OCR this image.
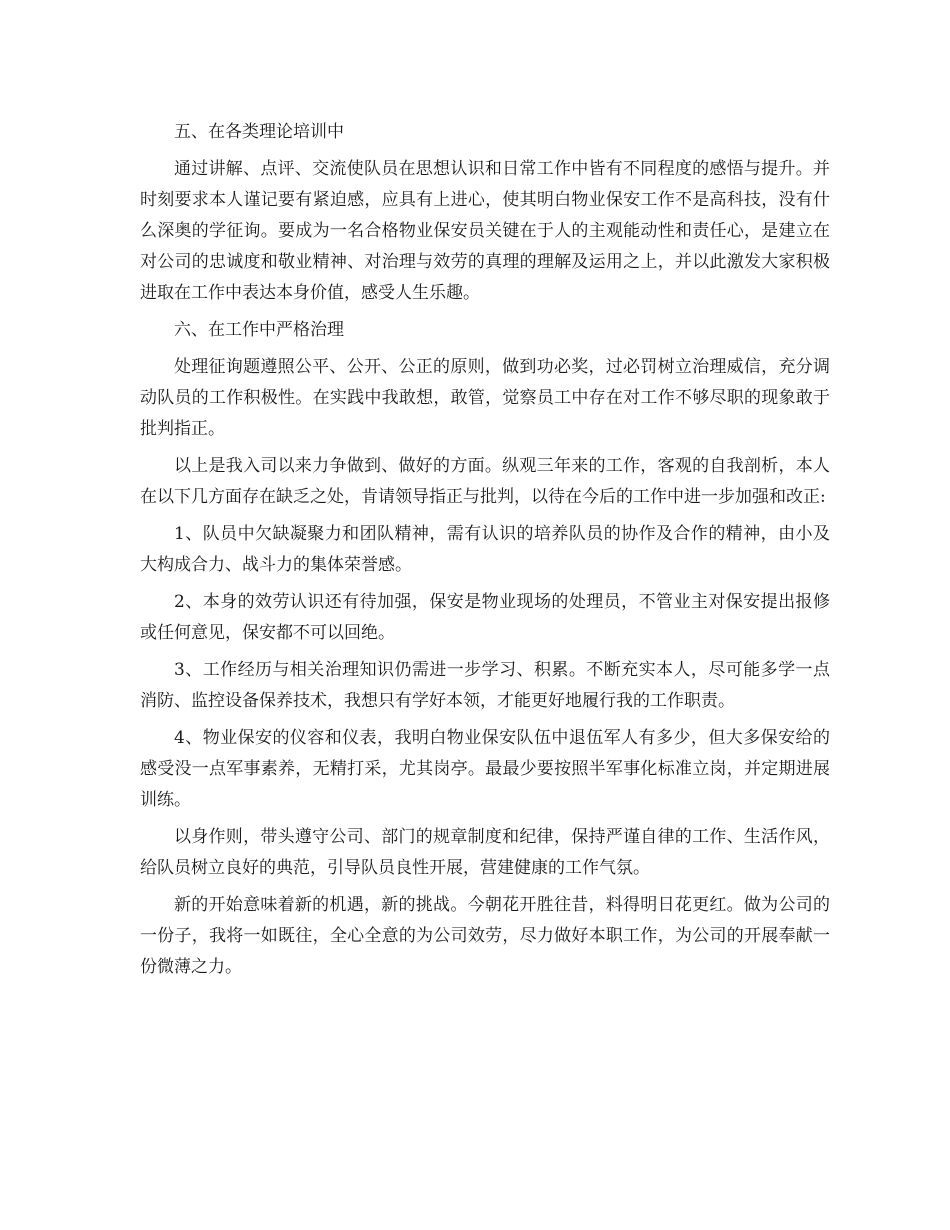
五、在各类理论培训中

通过讲解、点评、交流使队员在思想认识和日常工作中皆有不同程度的感悟与提升。并时刻要求本人谨记要有紧迫感，应具有上进心，使其明白物业保安工作不是高科技，没有什么深奥的学征询。要成为一名合格物业保安员关键在于人的主观能动性和责任心，是建立在对公司的忠诚度和敬业精神、对治理与效劳的真理的理解及运用之上，并以此激发大家积极进取在工作中表达本身价值，感受人生乐趣。

六、在工作中严格治理

处理征询题遵照公平、公开、公正的原则，做到功必奖，过必罚树立治理威信，充分调动队员的工作积极性。在实践中我敢想，敢管，觉察员工中存在对工作不够尽职的现象敢于批判指正。

以上是我入司以来力争做到、做好的方面。纵观三年来的工作，客观的自我剖析，本人在以下几方面存在缺乏之处，肯请领导指正与批判，以待在今后的工作中进一步加强和改正:

1、队员中欠缺凝聚力和团队精神，需有认识的培养队员的协作及合作的精神，由小及大构成合力、战斗力的集体荣誉感。

2、本身的效劳认识还有待加强，保安是物业现场的处理员，不管业主对保安提出报修或任何意见，保安都不可以回绝。

3、工作经历与相关治理知识仍需进一步学习、积累。不断充实本人，尽可能多学一点消防、监控设备保养技术，我想只有学好本领，才能更好地履行我的工作职责。

4、物业保安的仪容和仪表，我明白物业保安队伍中退伍军人有多少，但大多保安给的感受没一点军事素养，无精打采，尤其岗亭。最最少要按照半军事化标准立岗，并定期进展训练。

以身作则，带头遵守公司、部门的规章制度和纪律，保持严谨自律的工作、生活作风，给队员树立良好的典范，引导队员良性开展，营建健康的工作气氛。

新的开始意味着新的机遇，新的挑战。今朝花开胜往昔，料得明日花更红。做为公司的一份子，我将一如既往，全心全意的为公司效劳，尽力做好本职工作，为公司的开展奉献一份微薄之力。
